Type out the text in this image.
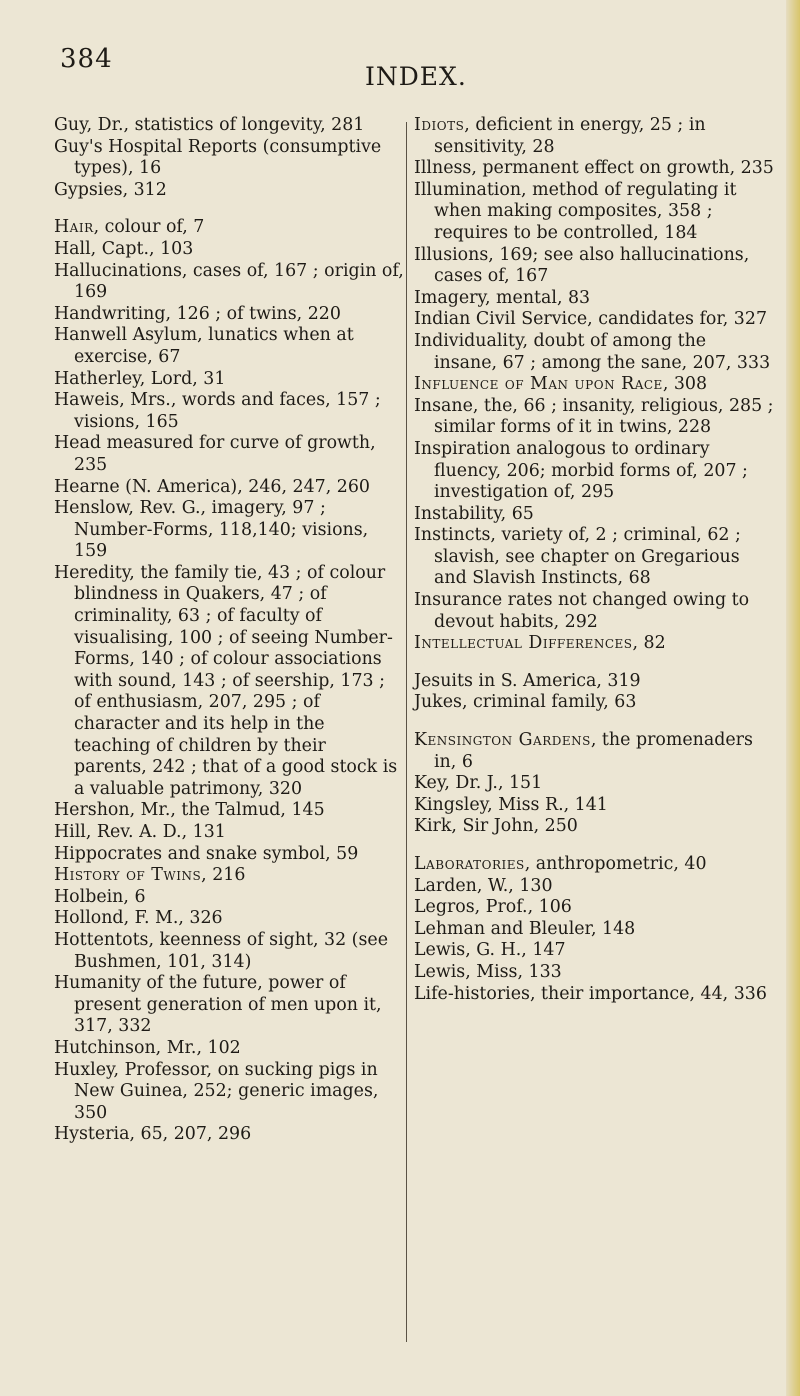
384
INDEX.

Guy, Dr., statistics of longevity, 281

Guy's Hospital Reports (consumptive types), 16

Gypsies, 312

Hair, colour of, 7

Hall, Capt., 103

Hallucinations, cases of, 167 ; origin of, 169

Handwriting, 126 ; of twins, 220

Hanwell Asylum, lunatics when at exercise, 67

Hatherley, Lord, 31

Haweis, Mrs., words and faces, 157 ; visions, 165

Head measured for curve of growth, 235

Hearne (N. America), 246, 247, 260

Henslow, Rev. G., imagery, 97 ; Number-Forms, 118,140; visions, 159

Heredity, the family tie, 43 ; of colour blindness in Quakers, 47 ; of criminality, 63 ; of faculty of visualising, 100 ; of seeing Number-Forms, 140 ; of colour associations with sound, 143 ; of seership, 173 ; of enthusiasm, 207, 295 ; of character and its help in the teaching of children by their parents, 242 ; that of a good stock is a valuable patrimony, 320

Hershon, Mr., the Talmud, 145

Hill, Rev. A. D., 131

Hippocrates and snake symbol, 59

History of Twins, 216

Holbein, 6

Hollond, F. M., 326

Hottentots, keenness of sight, 32 (see Bushmen, 101, 314)

Humanity of the future, power of present generation of men upon it, 317, 332

Hutchinson, Mr., 102

Huxley, Professor, on sucking pigs in New Guinea, 252; generic images, 350

Hysteria, 65, 207, 296

Idiots, deficient in energy, 25 ; in sensitivity, 28

Illness, permanent effect on growth, 235

Illumination, method of regulating it when making composites, 358 ; requires to be controlled, 184

Illusions, 169; see also hallucinations, cases of, 167

Imagery, mental, 83

Indian Civil Service, candidates for, 327

Individuality, doubt of among the insane, 67 ; among the sane, 207, 333

Influence of Man upon Race, 308

Insane, the, 66 ; insanity, religious, 285 ; similar forms of it in twins, 228

Inspiration analogous to ordinary fluency, 206; morbid forms of, 207 ; investigation of, 295

Instability, 65

Instincts, variety of, 2 ; criminal, 62 ; slavish, see chapter on Gregarious and Slavish Instincts, 68

Insurance rates not changed owing to devout habits, 292

Intellectual Differences, 82

Jesuits in S. America, 319

Jukes, criminal family, 63

Kensington Gardens, the promenaders in, 6

Key, Dr. J., 151

Kingsley, Miss R., 141

Kirk, Sir John, 250

Laboratories, anthropometric, 40

Larden, W., 130

Legros, Prof., 106

Lehman and Bleuler, 148

Lewis, G. H., 147

Lewis, Miss, 133

Life-histories, their importance, 44, 336
